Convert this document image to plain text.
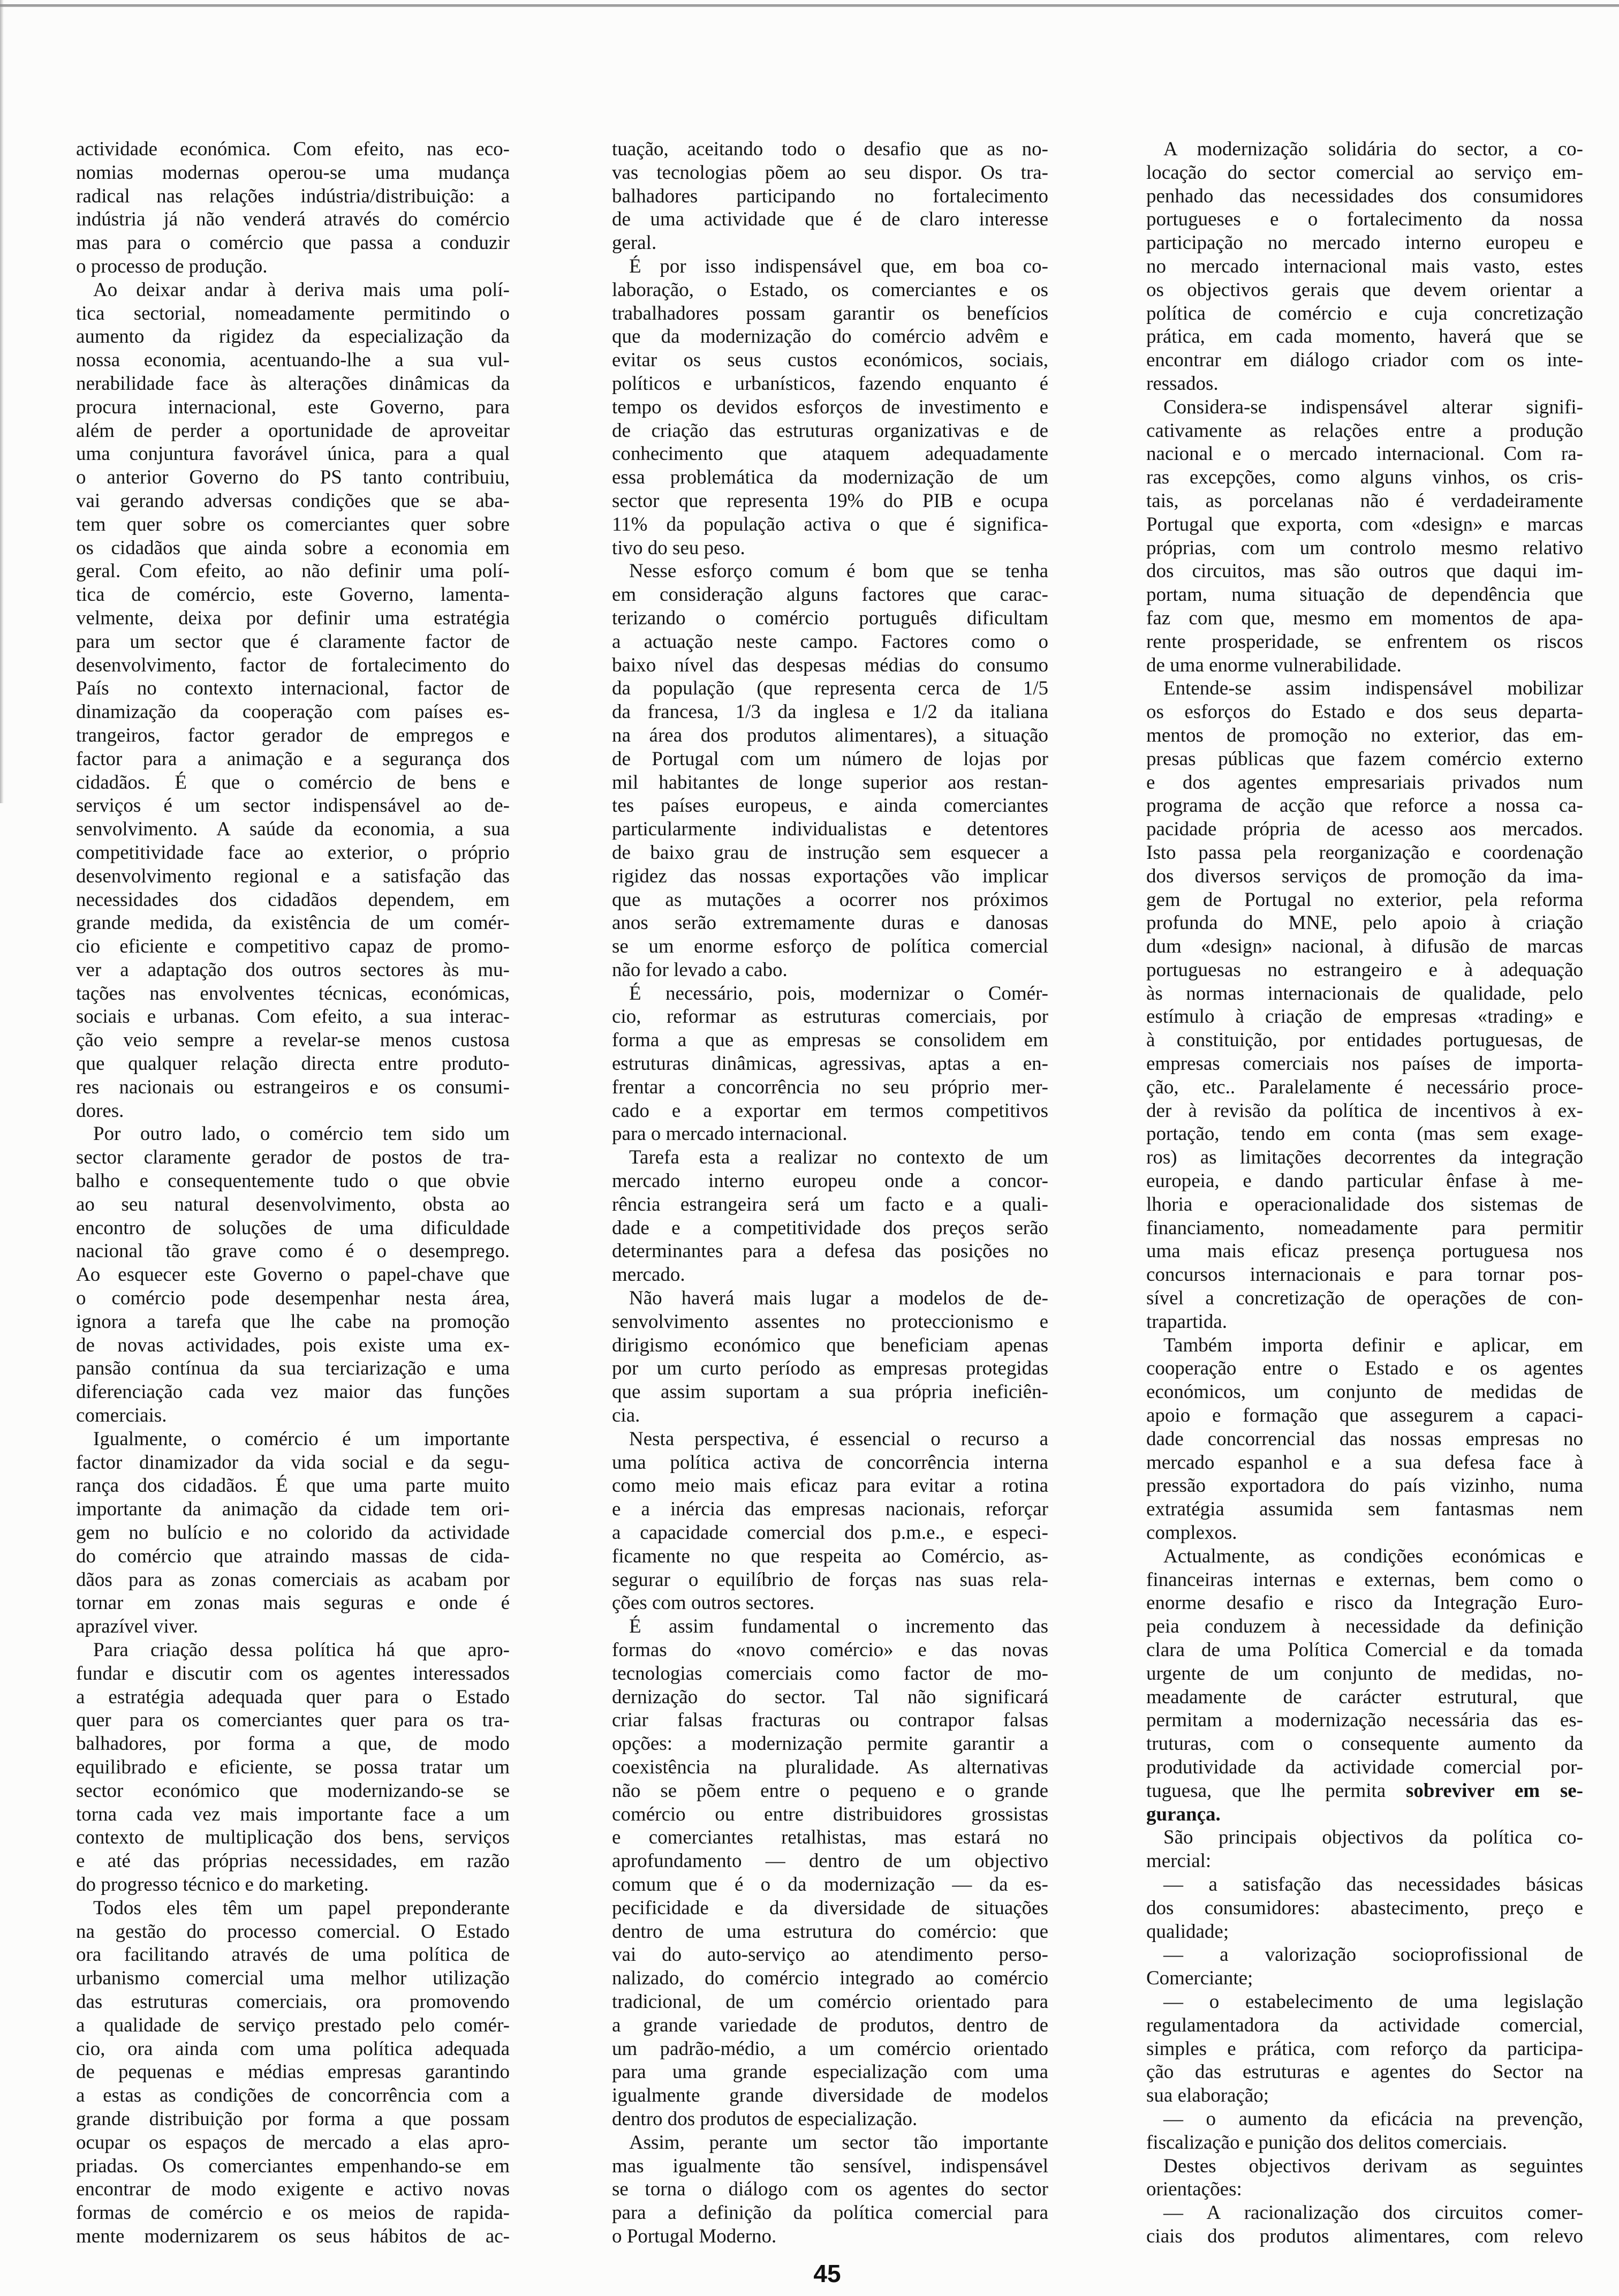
actividade económica. Com efeito, nas eco-
nomias modernas operou-se uma mudança
radical nas relações indústria/distribuição: a
indústria já não venderá através do comércio
mas para o comércio que passa a conduzir
o processo de produção.
Ao deixar andar à deriva mais uma polí-
tica sectorial, nomeadamente permitindo o
aumento da rigidez da especialização da
nossa economia, acentuando-lhe a sua vul-
nerabilidade face às alterações dinâmicas da
procura internacional, este Governo, para
além de perder a oportunidade de aproveitar
uma conjuntura favorável única, para a qual
o anterior Governo do PS tanto contribuiu,
vai gerando adversas condições que se aba-
tem quer sobre os comerciantes quer sobre
os cidadãos que ainda sobre a economia em
geral. Com efeito, ao não definir uma polí-
tica de comércio, este Governo, lamenta-
velmente, deixa por definir uma estratégia
para um sector que é claramente factor de
desenvolvimento, factor de fortalecimento do
País no contexto internacional, factor de
dinamização da cooperação com países es-
trangeiros, factor gerador de empregos e
factor para a animação e a segurança dos
cidadãos. É que o comércio de bens e
serviços é um sector indispensável ao de-
senvolvimento. A saúde da economia, a sua
competitividade face ao exterior, o próprio
desenvolvimento regional e a satisfação das
necessidades dos cidadãos dependem, em
grande medida, da existência de um comér-
cio eficiente e competitivo capaz de promo-
ver a adaptação dos outros sectores às mu-
tações nas envolventes técnicas, económicas,
sociais e urbanas. Com efeito, a sua interac-
ção veio sempre a revelar-se menos custosa
que qualquer relação directa entre produto-
res nacionais ou estrangeiros e os consumi-
dores.
Por outro lado, o comércio tem sido um
sector claramente gerador de postos de tra-
balho e consequentemente tudo o que obvie
ao seu natural desenvolvimento, obsta ao
encontro de soluções de uma dificuldade
nacional tão grave como é o desemprego.
Ao esquecer este Governo o papel-chave que
o comércio pode desempenhar nesta área,
ignora a tarefa que lhe cabe na promoção
de novas actividades, pois existe uma ex-
pansão contínua da sua terciarização e uma
diferenciação cada vez maior das funções
comerciais.
Igualmente, o comércio é um importante
factor dinamizador da vida social e da segu-
rança dos cidadãos. É que uma parte muito
importante da animação da cidade tem ori-
gem no bulício e no colorido da actividade
do comércio que atraindo massas de cida-
dãos para as zonas comerciais as acabam por
tornar em zonas mais seguras e onde é
aprazível viver.
Para criação dessa política há que apro-
fundar e discutir com os agentes interessados
a estratégia adequada quer para o Estado
quer para os comerciantes quer para os tra-
balhadores, por forma a que, de modo
equilibrado e eficiente, se possa tratar um
sector económico que modernizando-se se
torna cada vez mais importante face a um
contexto de multiplicação dos bens, serviços
e até das próprias necessidades, em razão
do progresso técnico e do marketing.
Todos eles têm um papel preponderante
na gestão do processo comercial. O Estado
ora facilitando através de uma política de
urbanismo comercial uma melhor utilização
das estruturas comerciais, ora promovendo
a qualidade de serviço prestado pelo comér-
cio, ora ainda com uma política adequada
de pequenas e médias empresas garantindo
a estas as condições de concorrência com a
grande distribuição por forma a que possam
ocupar os espaços de mercado a elas apro-
priadas. Os comerciantes empenhando-se em
encontrar de modo exigente e activo novas
formas de comércio e os meios de rapida-
mente modernizarem os seus hábitos de ac-
tuação, aceitando todo o desafio que as no-
vas tecnologias põem ao seu dispor. Os tra-
balhadores participando no fortalecimento
de uma actividade que é de claro interesse
geral.
É por isso indispensável que, em boa co-
laboração, o Estado, os comerciantes e os
trabalhadores possam garantir os benefícios
que da modernização do comércio advêm e
evitar os seus custos económicos, sociais,
políticos e urbanísticos, fazendo enquanto é
tempo os devidos esforços de investimento e
de criação das estruturas organizativas e de
conhecimento que ataquem adequadamente
essa problemática da modernização de um
sector que representa 19% do PIB e ocupa
11% da população activa o que é significa-
tivo do seu peso.
Nesse esforço comum é bom que se tenha
em consideração alguns factores que carac-
terizando o comércio português dificultam
a actuação neste campo. Factores como o
baixo nível das despesas médias do consumo
da população (que representa cerca de 1/5
da francesa, 1/3 da inglesa e 1/2 da italiana
na área dos produtos alimentares), a situação
de Portugal com um número de lojas por
mil habitantes de longe superior aos restan-
tes países europeus, e ainda comerciantes
particularmente individualistas e detentores
de baixo grau de instrução sem esquecer a
rigidez das nossas exportações vão implicar
que as mutações a ocorrer nos próximos
anos serão extremamente duras e danosas
se um enorme esforço de política comercial
não for levado a cabo.
É necessário, pois, modernizar o Comér-
cio, reformar as estruturas comerciais, por
forma a que as empresas se consolidem em
estruturas dinâmicas, agressivas, aptas a en-
frentar a concorrência no seu próprio mer-
cado e a exportar em termos competitivos
para o mercado internacional.
Tarefa esta a realizar no contexto de um
mercado interno europeu onde a concor-
rência estrangeira será um facto e a quali-
dade e a competitividade dos preços serão
determinantes para a defesa das posições no
mercado.
Não haverá mais lugar a modelos de de-
senvolvimento assentes no proteccionismo e
dirigismo económico que beneficiam apenas
por um curto período as empresas protegidas
que assim suportam a sua própria ineficiên-
cia.
Nesta perspectiva, é essencial o recurso a
uma política activa de concorrência interna
como meio mais eficaz para evitar a rotina
e a inércia das empresas nacionais, reforçar
a capacidade comercial dos p.m.e., e especi-
ficamente no que respeita ao Comércio, as-
segurar o equilíbrio de forças nas suas rela-
ções com outros sectores.
É assim fundamental o incremento das
formas do «novo comércio» e das novas
tecnologias comerciais como factor de mo-
dernização do sector. Tal não significará
criar falsas fracturas ou contrapor falsas
opções: a modernização permite garantir a
coexistência na pluralidade. As alternativas
não se põem entre o pequeno e o grande
comércio ou entre distribuidores grossistas
e comerciantes retalhistas, mas estará no
aprofundamento — dentro de um objectivo
comum que é o da modernização — da es-
pecificidade e da diversidade de situações
dentro de uma estrutura do comércio: que
vai do auto-serviço ao atendimento perso-
nalizado, do comércio integrado ao comércio
tradicional, de um comércio orientado para
a grande variedade de produtos, dentro de
um padrão-médio, a um comércio orientado
para uma grande especialização com uma
igualmente grande diversidade de modelos
dentro dos produtos de especialização.
Assim, perante um sector tão importante
mas igualmente tão sensível, indispensável
se torna o diálogo com os agentes do sector
para a definição da política comercial para
o Portugal Moderno.
A modernização solidária do sector, a co-
locação do sector comercial ao serviço em-
penhado das necessidades dos consumidores
portugueses e o fortalecimento da nossa
participação no mercado interno europeu e
no mercado internacional mais vasto, estes
os objectivos gerais que devem orientar a
política de comércio e cuja concretização
prática, em cada momento, haverá que se
encontrar em diálogo criador com os inte-
ressados.
Considera-se indispensável alterar signifi-
cativamente as relações entre a produção
nacional e o mercado internacional. Com ra-
ras excepções, como alguns vinhos, os cris-
tais, as porcelanas não é verdadeiramente
Portugal que exporta, com «design» e marcas
próprias, com um controlo mesmo relativo
dos circuitos, mas são outros que daqui im-
portam, numa situação de dependência que
faz com que, mesmo em momentos de apa-
rente prosperidade, se enfrentem os riscos
de uma enorme vulnerabilidade.
Entende-se assim indispensável mobilizar
os esforços do Estado e dos seus departa-
mentos de promoção no exterior, das em-
presas públicas que fazem comércio externo
e dos agentes empresariais privados num
programa de acção que reforce a nossa ca-
pacidade própria de acesso aos mercados.
Isto passa pela reorganização e coordenação
dos diversos serviços de promoção da ima-
gem de Portugal no exterior, pela reforma
profunda do MNE, pelo apoio à criação
dum «design» nacional, à difusão de marcas
portuguesas no estrangeiro e à adequação
às normas internacionais de qualidade, pelo
estímulo à criação de empresas «trading» e
à constituição, por entidades portuguesas, de
empresas comerciais nos países de importa-
ção, etc.. Paralelamente é necessário proce-
der à revisão da política de incentivos à ex-
portação, tendo em conta (mas sem exage-
ros) as limitações decorrentes da integração
europeia, e dando particular ênfase à me-
lhoria e operacionalidade dos sistemas de
financiamento, nomeadamente para permitir
uma mais eficaz presença portuguesa nos
concursos internacionais e para tornar pos-
sível a concretização de operações de con-
trapartida.
Também importa definir e aplicar, em
cooperação entre o Estado e os agentes
económicos, um conjunto de medidas de
apoio e formação que assegurem a capaci-
dade concorrencial das nossas empresas no
mercado espanhol e a sua defesa face à
pressão exportadora do país vizinho, numa
extratégia assumida sem fantasmas nem
complexos.
Actualmente, as condições económicas e
financeiras internas e externas, bem como o
enorme desafio e risco da Integração Euro-
peia conduzem à necessidade da definição
clara de uma Política Comercial e da tomada
urgente de um conjunto de medidas, no-
meadamente de carácter estrutural, que
permitam a modernização necessária das es-
truturas, com o consequente aumento da
produtividade da actividade comercial por-
tuguesa, que lhe permita sobreviver em se-
gurança.
São principais objectivos da política co-
mercial:
— a satisfação das necessidades básicas
dos consumidores: abastecimento, preço e
qualidade;
— a valorização socioprofissional de
Comerciante;
— o estabelecimento de uma legislação
regulamentadora da actividade comercial,
simples e prática, com reforço da participa-
ção das estruturas e agentes do Sector na
sua elaboração;
— o aumento da eficácia na prevenção,
fiscalização e punição dos delitos comerciais.
Destes objectivos derivam as seguintes
orientações:
— A racionalização dos circuitos comer-
ciais dos produtos alimentares, com relevo
45
